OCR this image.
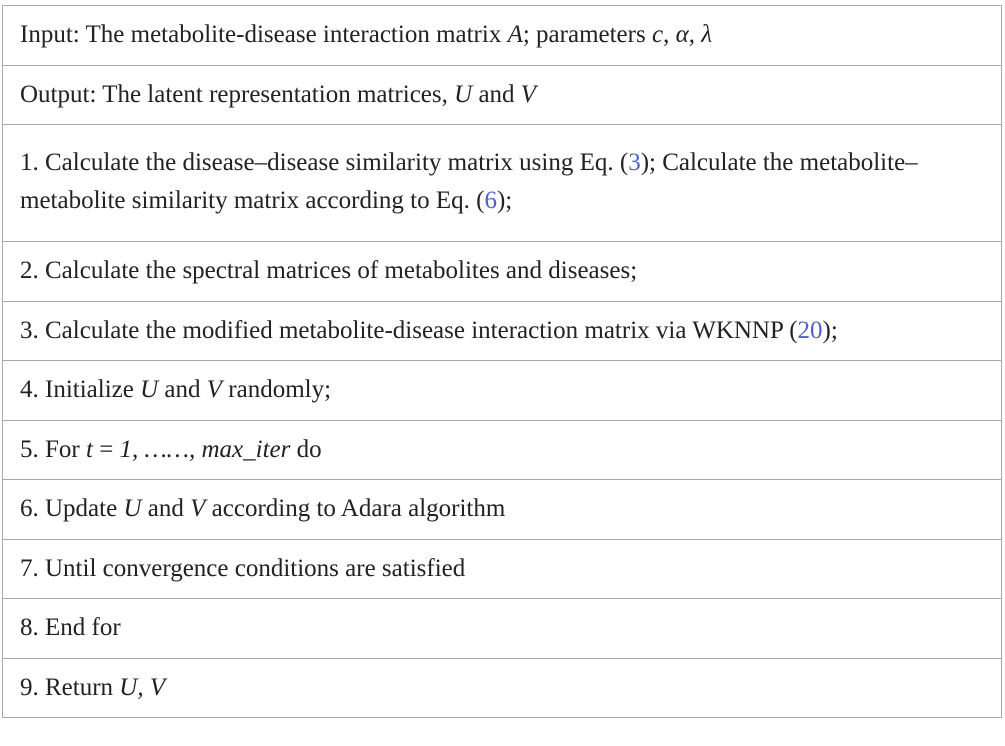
Input: The metabolite-disease interaction matrix A; parameters c, α, λ
Output: The latent representation matrices, U and V
1. Calculate the disease–disease similarity matrix using Eq. (3); Calculate the metabolite–metabolite similarity matrix according to Eq. (6);
2. Calculate the spectral matrices of metabolites and diseases;
3. Calculate the modified metabolite-disease interaction matrix via WKNNP (20);
4. Initialize U and V randomly;
5. For t = 1, ……, max_iter do
6. Update U and V according to Adara algorithm
7. Until convergence conditions are satisfied
8. End for
9. Return U, V
